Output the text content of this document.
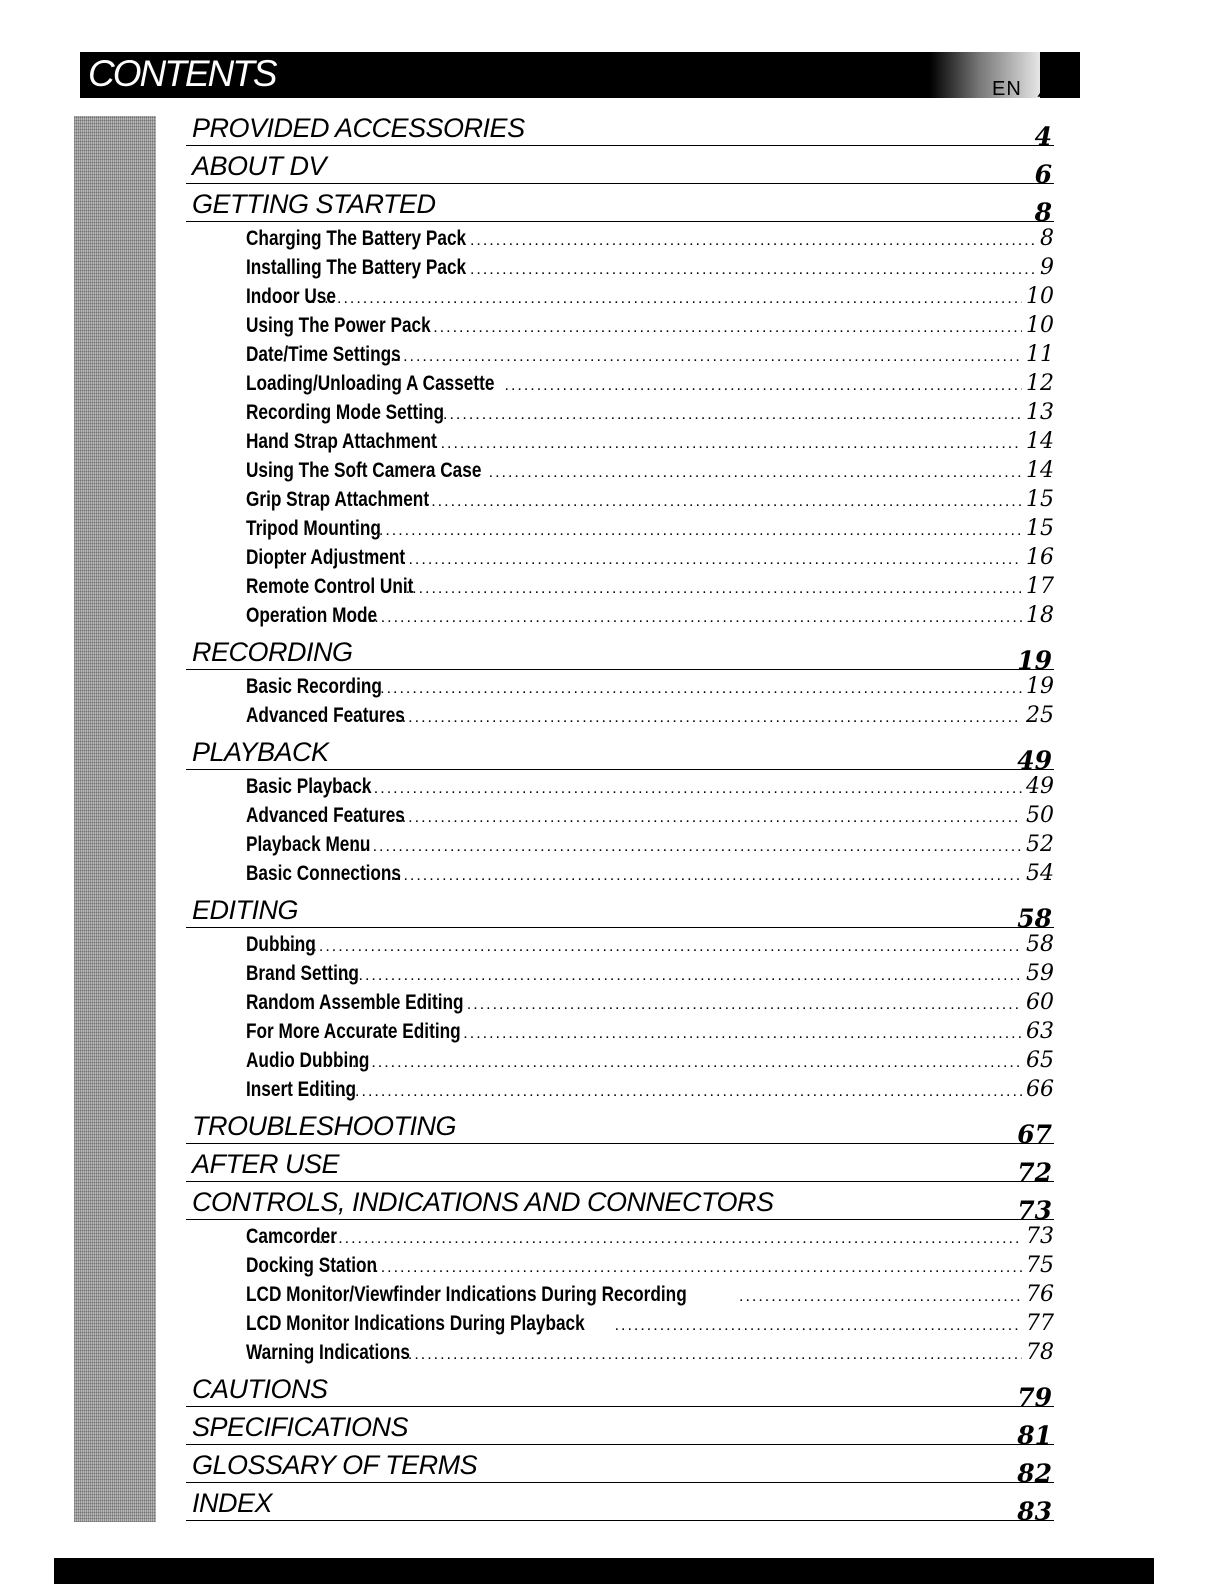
CONTENTS	EN 7
PROVIDED ACCESSORIES	4
ABOUT DV	6
GETTING STARTED	8
Charging The Battery Pack .....	8
Installing The Battery Pack .....	9
Indoor Use .....	10
Using The Power Pack .....	10
Date/Time Settings .....	11
Loading/Unloading A Cassette .....	12
Recording Mode Setting .....	13
Hand Strap Attachment .....	14
Using The Soft Camera Case .....	14
Grip Strap Attachment .....	15
Tripod Mounting .....	15
Diopter Adjustment .....	16
Remote Control Unit .....	17
Operation Mode .....	18
RECORDING	19
Basic Recording .....	19
Advanced Features .....	25
PLAYBACK	49
Basic Playback .....	49
Advanced Features .....	50
Playback Menu .....	52
Basic Connections .....	54
EDITING	58
Dubbing .....	58
Brand Setting .....	59
Random Assemble Editing .....	60
For More Accurate Editing .....	63
Audio Dubbing .....	65
Insert Editing .....	66
TROUBLESHOOTING	67
AFTER USE	72
CONTROLS, INDICATIONS AND CONNECTORS	73
Camcorder .....	73
Docking Station .....	75
LCD Monitor/Viewfinder Indications During Recording .....	76
LCD Monitor Indications During Playback .....	77
Warning Indications .....	78
CAUTIONS	79
SPECIFICATIONS	81
GLOSSARY OF TERMS	82
INDEX	83
